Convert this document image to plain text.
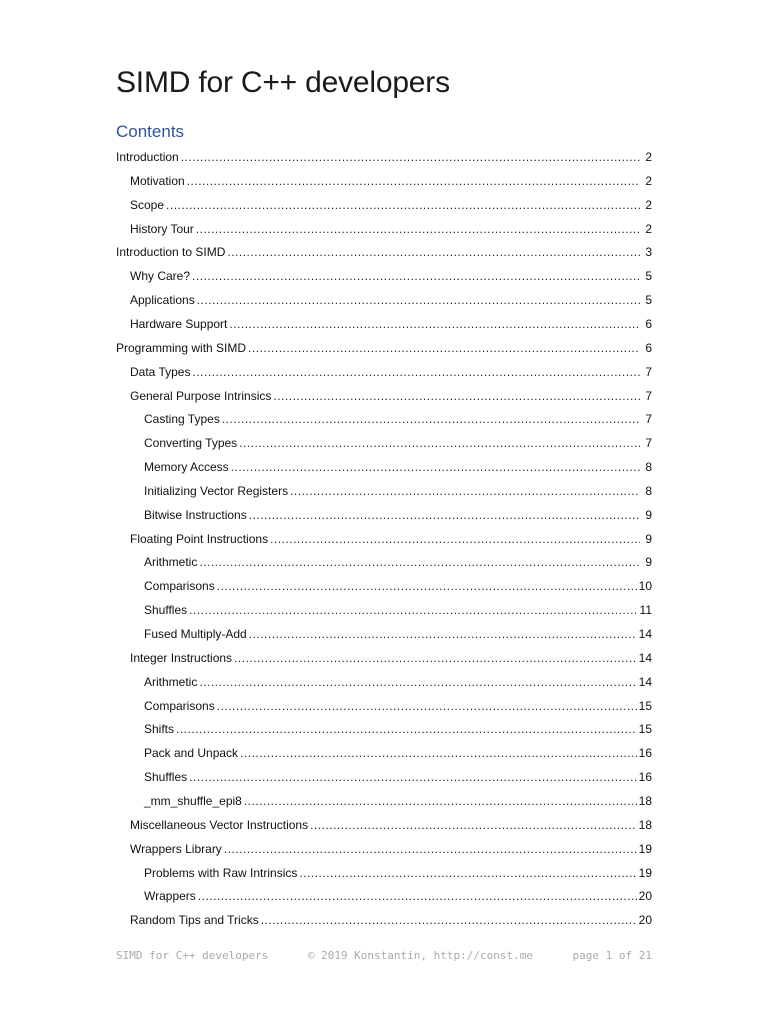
SIMD for C++ developers
Contents
Introduction .....	2
Motivation .....	2
Scope .....	2
History Tour .....	2
Introduction to SIMD .....	3
Why Care? .....	5
Applications .....	5
Hardware Support .....	6
Programming with SIMD .....	6
Data Types .....	7
General Purpose Intrinsics .....	7
Casting Types .....	7
Converting Types .....	7
Memory Access .....	8
Initializing Vector Registers .....	8
Bitwise Instructions .....	9
Floating Point Instructions .....	9
Arithmetic .....	9
Comparisons .....	10
Shuffles .....	11
Fused Multiply-Add .....	14
Integer Instructions .....	14
Arithmetic .....	14
Comparisons .....	15
Shifts .....	15
Pack and Unpack .....	16
Shuffles .....	16
_mm_shuffle_epi8 .....	18
Miscellaneous Vector Instructions .....	18
Wrappers Library .....	19
Problems with Raw Intrinsics .....	19
Wrappers .....	20
Random Tips and Tricks .....	20
SIMD for C++ developers	© 2019 Konstantin, http://const.me	page 1 of 21
